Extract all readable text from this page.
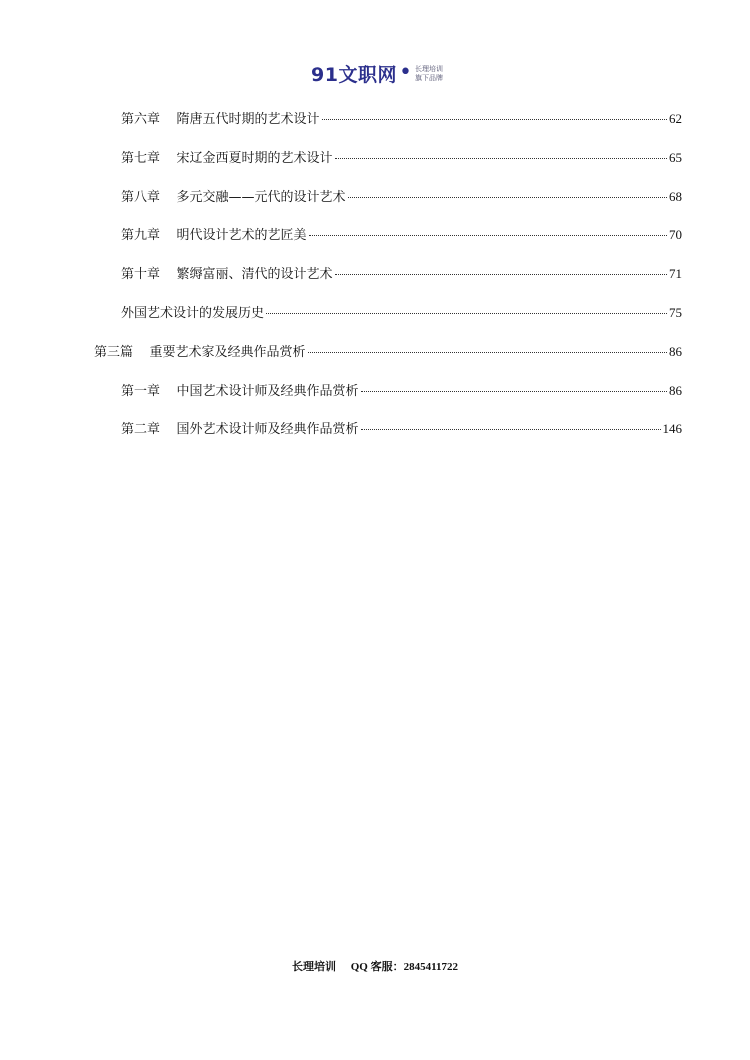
91文职网 • 长理培训
旗下品牌
第六章    隋唐五代时期的艺术设计	62
第七章    宋辽金西夏时期的艺术设计	65
第八章    多元交融——元代的设计艺术	68
第九章    明代设计艺术的艺匠美	70
第十章    繁缛富丽、清代的设计艺术	71
外国艺术设计的发展历史	75
第三篇    重要艺术家及经典作品赏析	86
第一章    中国艺术设计师及经典作品赏析	86
第二章    国外艺术设计师及经典作品赏析	146
长理培训 QQ 客服：2845411722
